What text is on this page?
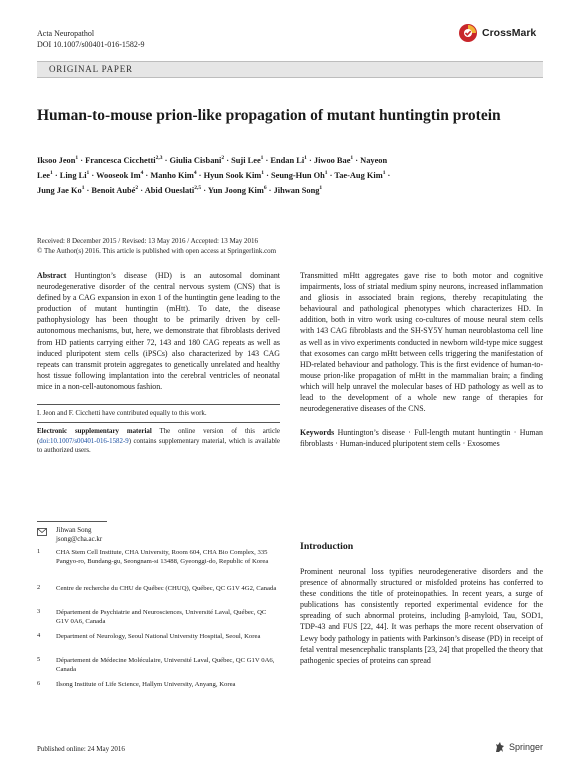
Acta Neuropathol
DOI 10.1007/s00401-016-1582-9
CrossMark
ORIGINAL PAPER
Human-to-mouse prion-like propagation of mutant huntingtin protein
Iksoo Jeon$^1$ · Francesca Cicchetti$^{2,3}$ · Giulia Cisbani$^2$ · Suji Lee$^1$ · Endan $Li^1$ · Jiwoo Bae$^1$ · Nayeon Lee$^1$ · Ling $Li^1$ · Wooseok $Im^4$ · Manho Kim$^4$ · Hyun Sook Kim$^1$ · Seung-Hun $Oh^1 \cdot Tae-Aug$ Kim$^1$ · Jung Jae $Ko^1$ · Benoit Aubé$^2$ · Abid Oueslati$^{2,5}$ · Yun Joong Kim$^6$ · Jihwan Song$^1$
Received: 8 December 2015 / Revised: 13 May 2016 / Accepted: 13 May 2016
© The Author(s) 2016. This article is published with open access at Springerlink.com
Abstract Huntington’s disease (HD) is an autosomal dominant neurodegenerative disorder of the central nervous system (CNS) that is defined by a CAG expansion in exon 1 of the huntingtin gene leading to the production of mutant huntingtin (mHtt). To date, the disease pathophysiology has been thought to be primarily driven by cell-autonomous mechanisms, but, here, we demonstrate that fibroblasts derived from HD patients carrying either 72, 143 and 180 CAG repeats as well as induced pluripotent stem cells (iPSCs) also characterized by 143 CAG repeats can transmit protein aggregates to genetically unrelated and healthy host tissue following implantation into the cerebral ventricles of neonatal mice in a non-cell-autonomous fashion.
I. Jeon and F. Cicchetti have contributed equally to this work.
Electronic supplementary material The online version of this article (doi:10.1007/s00401-016-1582-9) contains supplementary material, which is available to authorized users.
Jihwan Song
jsong@cha.ac.kr
1	CHA Stem Cell Institute, CHA University, Room 604, CHA Bio Complex, 335 Pangyo-ro, Bundang-gu, Seongnam-si 13488, Gyeonggi-do, Republic of Korea
2	Centre de recherche du CHU de Québec (CHUQ), Québec, QC G1V 4G2, Canada
3	Département de Psychiatrie and Neurosciences, Université Laval, Québec, QC G1V 0A6, Canada
4	Department of Neurology, Seoul National University Hospital, Seoul, Korea
5	Département de Médecine Moléculaire, Université Laval, Québec, QC G1V 0A6, Canada
6	Ilsong Institute of Life Science, Hallym University, Anyang, Korea
Transmitted mHtt aggregates gave rise to both motor and cognitive impairments, loss of striatal medium spiny neurons, increased inflammation and gliosis in associated brain regions, thereby recapitulating the behavioural and pathological phenotypes which characterizes HD. In addition, both in vitro work using co-cultures of mouse neural stem cells with 143 CAG fibroblasts and the SH-SY5Y human neuroblastoma cell line as well as in vivo experiments conducted in newborn wild-type mice suggest that exosomes can cargo mHtt between cells triggering the manifestation of HD-related behaviour and pathology. This is the first evidence of human-to-mouse prion-like propagation of mHtt in the mammalian brain; a finding which will help unravel the molecular bases of HD pathology as well as to lead to the development of a whole new range of therapies for neurodegenerative diseases of the CNS.
Keywords Huntington’s disease · Full-length mutant huntingtin · Human fibroblasts · Human-induced pluripotent stem cells · Exosomes
Introduction
Prominent neuronal loss typifies neurodegenerative disorders and the presence of abnormally structured or misfolded proteins has conferred to these conditions the title of proteinopathies. In recent years, a surge of publications has consistently reported experimental evidence for the spreading of such abnormal proteins, including β-amyloid, Tau, SOD1, TDP-43 and FUS [22, 44]. It was perhaps the more recent observation of Lewy body pathology in patients with Parkinson’s disease (PD) in receipt of fetal ventral mesencephalic transplants [23, 24] that propelled the theory that pathogenic species of proteins can spread
Published online: 24 May 2016	Springer
